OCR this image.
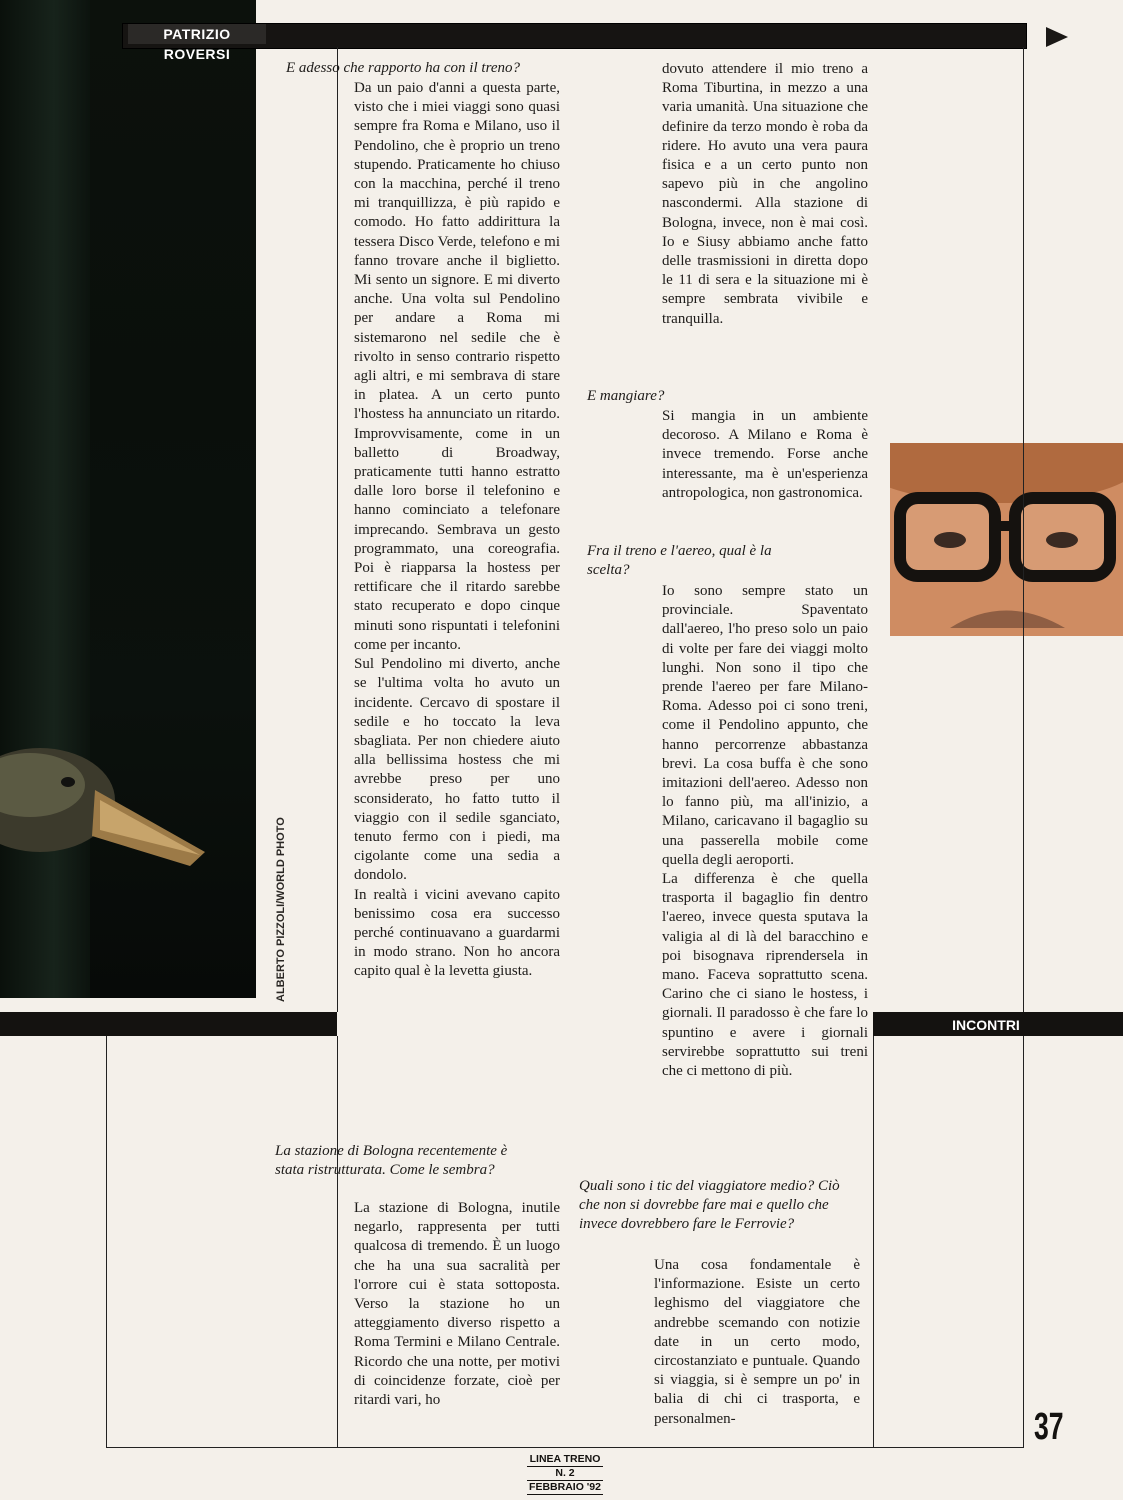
PATRIZIO ROVERSI
ALBERTO PIZZOLI/WORLD PHOTO
INCONTRI
E adesso che rapporto ha con il treno?

Da un paio d'anni a questa parte, visto che i miei viaggi sono quasi sempre fra Roma e Milano, uso il Pendolino, che è proprio un treno stupendo. Praticamente ho chiuso con la macchina, perché il treno mi tranquillizza, è più rapido e comodo. Ho fatto addirittura la tessera Disco Verde, telefono e mi fanno trovare anche il biglietto. Mi sento un signore. E mi diverto anche. Una volta sul Pendolino per andare a Roma mi sistemarono nel sedile che è rivolto in senso contrario rispetto agli altri, e mi sembrava di stare in platea. A un certo punto l'hostess ha annunciato un ritardo. Improvvisamente, come in un balletto di Broadway, praticamente tutti hanno estratto dalle loro borse il telefonino e hanno cominciato a telefonare imprecando. Sembrava un gesto programmato, una coreografia. Poi è riapparsa la hostess per rettificare che il ritardo sarebbe stato recuperato e dopo cinque minuti sono rispuntati i telefonini come per incanto.

Sul Pendolino mi diverto, anche se l'ultima volta ho avuto un incidente. Cercavo di spostare il sedile e ho toccato la leva sbagliata. Per non chiedere aiuto alla bellissima hostess che mi avrebbe preso per uno sconsiderato, ho fatto tutto il viaggio con il sedile sganciato, tenuto fermo con i piedi, ma cigolante come una sedia a dondolo.

In realtà i vicini avevano capito benissimo cosa era successo perché continuavano a guardarmi in modo strano. Non ho ancora capito qual è la levetta giusta.

La stazione di Bologna recentemente è stata ristrutturata. Come le sembra?

La stazione di Bologna, inutile negarlo, rappresenta per tutti qualcosa di tremendo. È un luogo che ha una sua sacralità per l'orrore cui è stata sottoposta. Verso la stazione ho un atteggiamento diverso rispetto a Roma Termini e Milano Centrale. Ricordo che una notte, per motivi di coincidenze forzate, cioè per ritardi vari, ho

dovuto attendere il mio treno a Roma Tiburtina, in mezzo a una varia umanità. Una situazione che definire da terzo mondo è roba da ridere. Ho avuto una vera paura fisica e a un certo punto non sapevo più in che angolino nascondermi. Alla stazione di Bologna, invece, non è mai così. Io e Siusy abbiamo anche fatto delle trasmissioni in diretta dopo le 11 di sera e la situazione mi è sempre sembrata vivibile e tranquilla.

E mangiare?

Si mangia in un ambiente decoroso. A Milano e Roma è invece tremendo. Forse anche interessante, ma è un'esperienza antropologica, non gastronomica.

Fra il treno e l'aereo, qual è la scelta?

Io sono sempre stato un provinciale. Spaventato dall'aereo, l'ho preso solo un paio di volte per fare dei viaggi molto lunghi. Non sono il tipo che prende l'aereo per fare Milano-Roma. Adesso poi ci sono treni, come il Pendolino appunto, che hanno percorrenze abbastanza brevi. La cosa buffa è che sono imitazioni dell'aereo. Adesso non lo fanno più, ma all'inizio, a Milano, caricavano il bagaglio su una passerella mobile come quella degli aeroporti.

La differenza è che quella trasporta il bagaglio fin dentro l'aereo, invece questa sputava la valigia al di là del baracchino e poi bisognava riprendersela in mano. Faceva soprattutto scena. Carino che ci siano le hostess, i giornali. Il paradosso è che fare lo spuntino e avere i giornali servirebbe soprattutto sui treni che ci mettono di più.

Quali sono i tic del viaggiatore medio? Ciò che non si dovrebbe fare mai e quello che invece dovrebbero fare le Ferrovie?

Una cosa fondamentale è l'informazione. Esiste un certo leghismo del viaggiatore che andrebbe scemando con notizie date in un certo modo, circostanziato e puntuale. Quando si viaggia, si è sempre un po' in balia di chi ci trasporta, e personalmen-	37
LINEA TRENO
N. 2
FEBBRAIO '92
